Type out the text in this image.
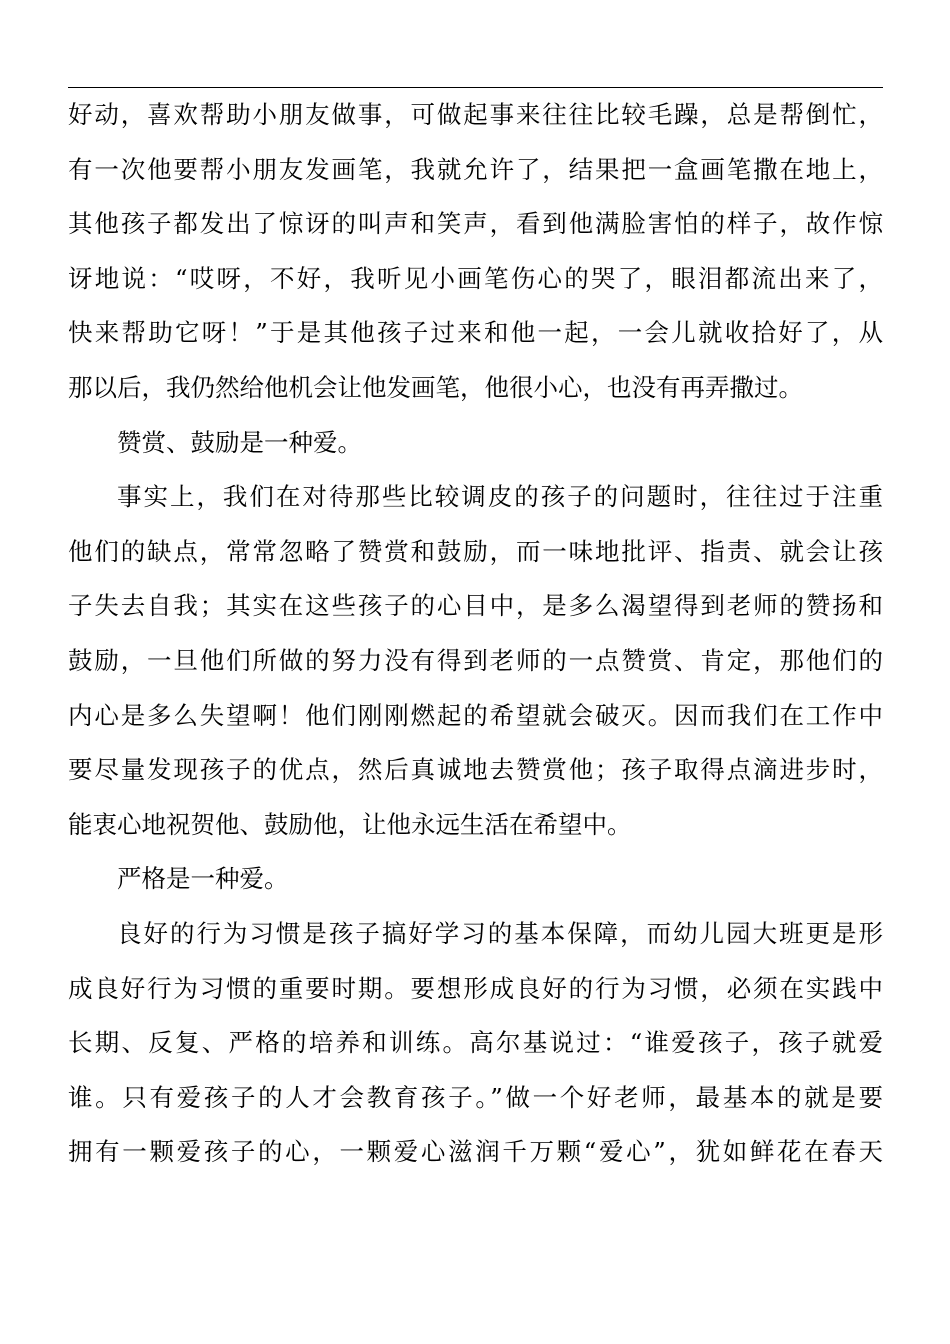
好动，喜欢帮助小朋友做事，可做起事来往往比较毛躁，总是帮倒忙，
有一次他要帮小朋友发画笔，我就允许了，结果把一盒画笔撒在地上，
其他孩子都发出了惊讶的叫声和笑声，看到他满脸害怕的样子，故作惊
讶地说：“哎呀，不好，我听见小画笔伤心的哭了，眼泪都流出来了，
快来帮助它呀！”于是其他孩子过来和他一起，一会儿就收拾好了，从
那以后，我仍然给他机会让他发画笔，他很小心，也没有再弄撒过。
赞赏、鼓励是一种爱。
事实上，我们在对待那些比较调皮的孩子的问题时，往往过于注重
他们的缺点，常常忽略了赞赏和鼓励，而一味地批评、指责、就会让孩
子失去自我；其实在这些孩子的心目中，是多么渴望得到老师的赞扬和
鼓励，一旦他们所做的努力没有得到老师的一点赞赏、肯定，那他们的
内心是多么失望啊！他们刚刚燃起的希望就会破灭。因而我们在工作中
要尽量发现孩子的优点，然后真诚地去赞赏他；孩子取得点滴进步时，
能衷心地祝贺他、鼓励他，让他永远生活在希望中。
严格是一种爱。
良好的行为习惯是孩子搞好学习的基本保障，而幼儿园大班更是形
成良好行为习惯的重要时期。要想形成良好的行为习惯，必须在实践中
长期、反复、严格的培养和训练。高尔基说过：“谁爱孩子，孩子就爱
谁。只有爱孩子的人才会教育孩子。”做一个好老师，最基本的就是要
拥有一颗爱孩子的心，一颗爱心滋润千万颗“爱心”，犹如鲜花在春天
